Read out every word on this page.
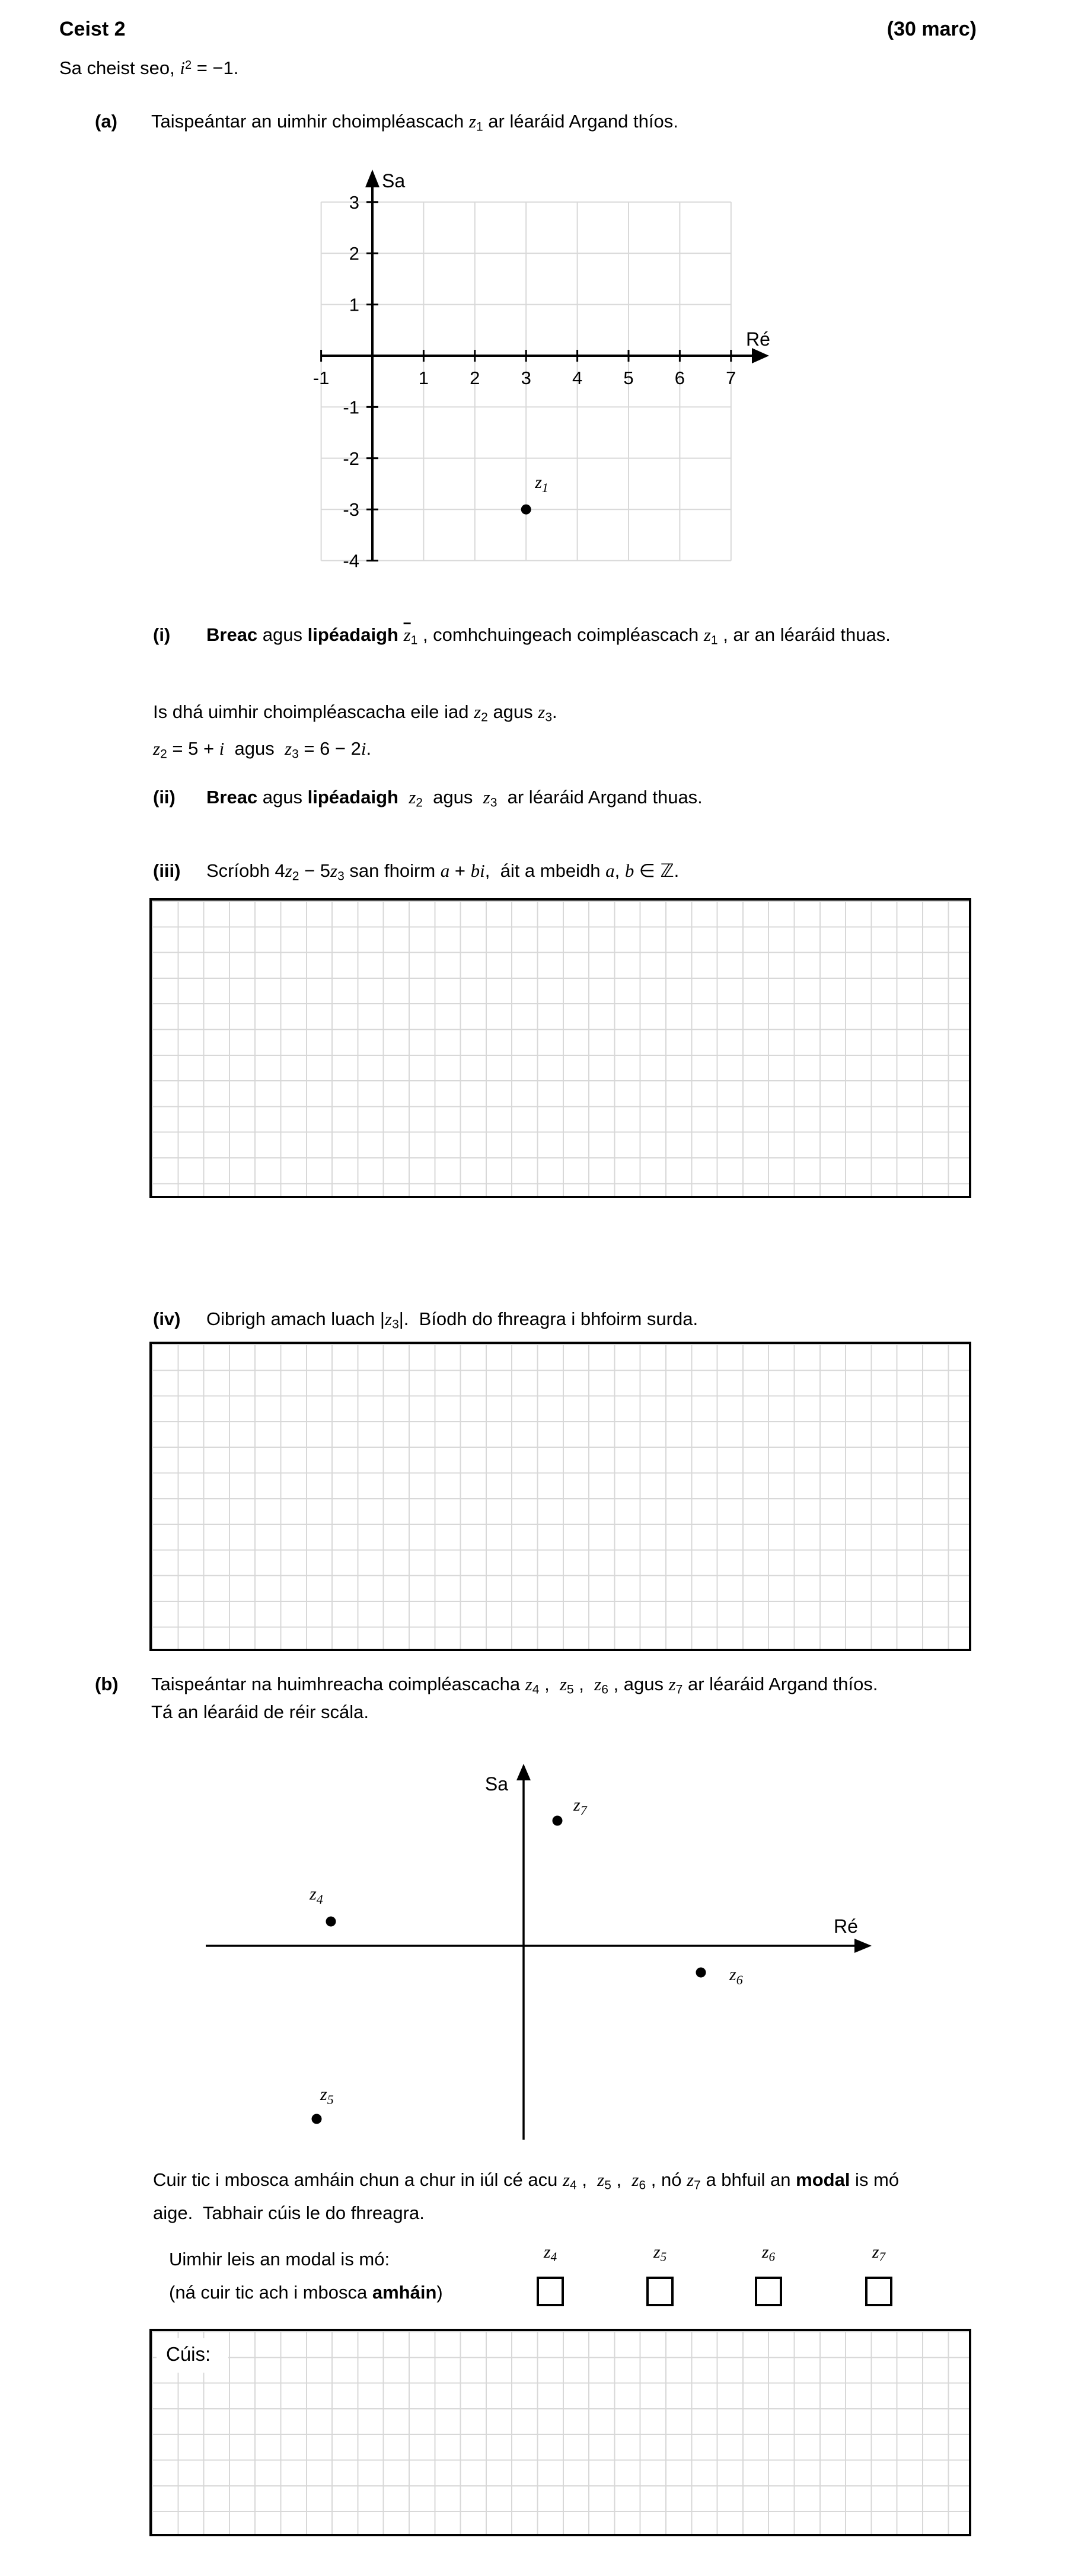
Ceist 2	(30 marc)
Sa cheist seo, $i^2 = -1$.
(a) Taispeántar an uimhir choimpléascach $z_1$ ar léaráid Argand thíos.
-1	1 2 3 4 5 6 7
3
2
1
-1
-2
-3
-4
Sa
Ré
$z_1$
(i) Breac agus lipéadaigh $\overline{z}_1$ , comhchuingeach coimpléascach $z_1$ , ar an léaráid thuas.
Is dhá uimhir choimpléascacha eile iad $z_2$ agus $z_3$.
$z_2 = 5 + i$  agus  $z_3 = 6 - 2i$.
(ii) Breac agus lipéadaigh $z_2$  agus  $z_3$  ar léaráid Argand thuas.
(iii) Scríobh $4z_2 - 5z_3$ san fhoirm a + bi,  áit a mbeidh a, b ∈ ℤ.
(iv) Oibrigh amach luach $|z_3|$.  Bíodh do fhreagra i bhfoirm surda.
(b) Taispeántar na huimhreacha coimpléascacha $z_4$ ,  $z_5$ ,  $z_6$ , agus $z_7$ ar léaráid Argand thíos.
Tá an léaráid de réir scála.
Sa
Ré
$z_4$
$z_5$
$z_6$
$z_7$
Cuir tic i mbosca amháin chun a chur in iúl cé acu $z_4$ ,  $z_5$ ,  $z_6$ , nó $z_7$ a bhfuil an modal is mó
aige.  Tabhair cúis le do fhreagra.
Uimhir leis an modal is mó:
(ná cuir tic ach i mbosca amháin)
$z_4$	$z_5$	$z_6$	$z_7$
Cúis:
